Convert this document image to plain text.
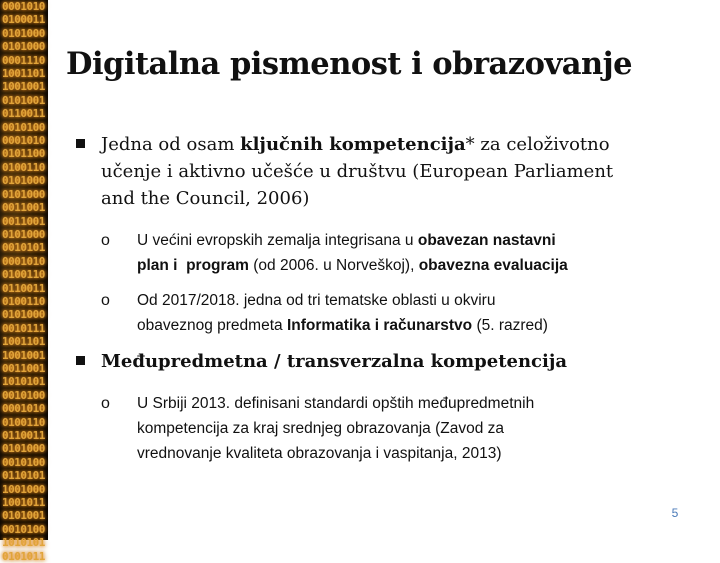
0001010
0100011
0101000
0101000
0001110
1001101
1001001
0101001
0110011
0010100
0001010
0101100
0100110
0101000
0101000
0011001
0011001
0101000
0010101
0001010
0100110
0110011
0100110
0101000
0010111
1001101
1001001
0011001
1010101
0010100
0001010
0100110
0110011
0101000
0010100
0110101
1001000
1001011
0101001
0010100
1010101
0101011
Digitalna pismenost i obrazovanje
Jedna od osam ključnih kompetencija* za celoživotno
učenje i aktivno učešće u društvu (European Parliament
and the Council, 2006)
o U većini evropskih zemalja integrisana u obavezan nastavni
plan i  program (od 2006. u Norveškoj), obavezna evaluacija
o Od 2017/2018. jedna od tri tematske oblasti u okviru
obaveznog predmeta Informatika i računarstvo (5. razred)
Međupredmetna / transverzalna kompetencija
o U Srbiji 2013. definisani standardi opštih međupredmetnih
kompetencija za kraj srednjeg obrazovanja (Zavod za
vrednovanje kvaliteta obrazovanja i vaspitanja, 2013)
5
